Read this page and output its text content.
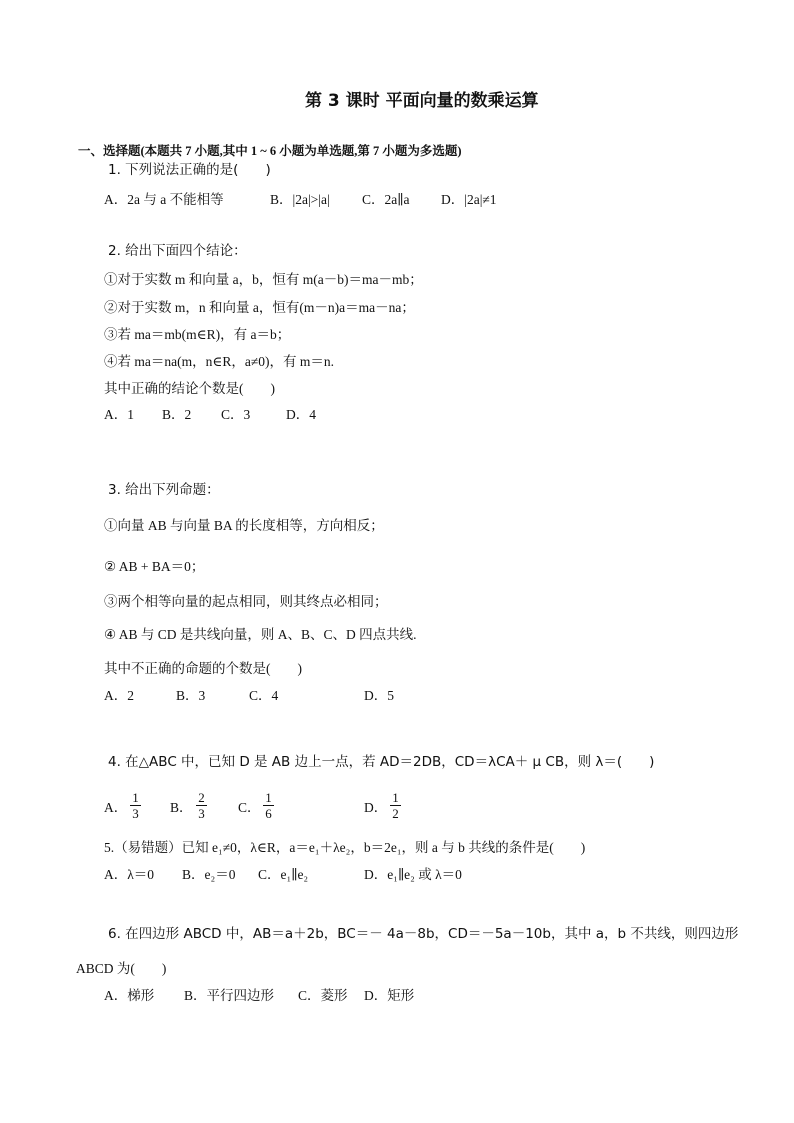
第 3 课时 平面向量的数乘运算
一、选择题(本题共 7 小题,其中 1 ~ 6 小题为单选题,第 7 小题为多选题)
1. 下列说法正确的是(　　)
A．2a 与 a 不能相等	B．|2a|>|a| C．2a∥a D．|2a|≠1
2. 给出下面四个结论：
①对于实数 m 和向量 a，b，恒有 m(a－b)＝ma－mb；
②对于实数 m，n 和向量 a，恒有(m－n)a＝ma－na；
③若 ma＝mb(m∈R)，有 a＝b；
④若 ma＝na(m，n∈R，a≠0)，有 m＝n.
其中正确的结论个数是(　　)
A．1 B．2 C．3	D．4
3. 给出下列命题：
①向量 AB 与向量 BA 的长度相等，方向相反；
② AB + BA＝0；
③两个相等向量的起点相同，则其终点必相同；
④ AB 与 CD 是共线向量，则 A、B、C、D 四点共线.
其中不正确的命题的个数是(　　)
A．2	B．3	C．4	D．5
4. 在△ABC 中，已知 D 是 AB 边上一点，若 AD＝2DB，CD＝λCA＋ μ CB，则 λ＝(　　)
A．
1
3 B．
2
3 C．
1
6	D．
1
2
5.（易错题）已知 e₁≠0，λ∈R，a＝e₁＋λe₂，b＝2e₁，则 a 与 b 共线的条件是(　　)
A．λ＝0 B．e₂＝0 C．e₁∥e₂	D．e₁∥e₂ 或 λ＝0
6. 在四边形 ABCD 中，AB＝a＋2b，BC＝－ 4a－8b，CD＝－5a－10b，其中 a，b 不共线，则四边形
ABCD 为(　　)
A．梯形 B．平行四边形 C．菱形 D．矩形
